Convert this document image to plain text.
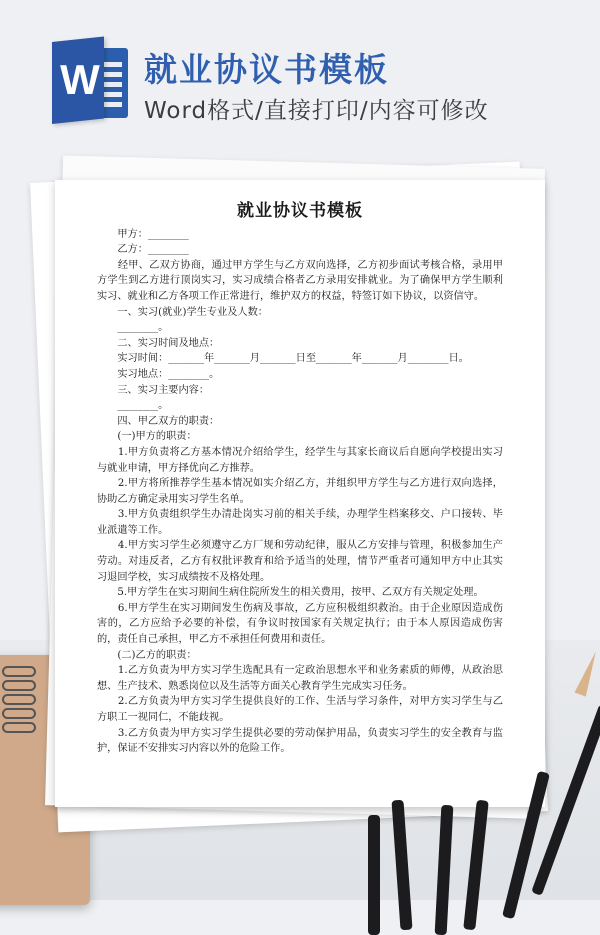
W 就业协议书模板
Word格式/直接打印/内容可修改
就业协议书模板

　　甲方：________

　　乙方：________

　　经甲、乙双方协商，通过甲方学生与乙方双向选择，乙方初步面试考核合格，录用甲方学生到乙方进行顶岗实习，实习成绩合格者乙方录用安排就业。为了确保甲方学生顺利实习、就业和乙方各项工作正常进行，维护双方的权益，特签订如下协议，以资信守。

　　一、实习(就业)学生专业及人数：

　　________。

　　二、实习时间及地点：

　　实习时间：_______年_______月_______日至_______年_______月________日。

　　实习地点：________。

　　三、实习主要内容：

　　________。

　　四、甲乙双方的职责：

　　(一)甲方的职责：

　　1.甲方负责将乙方基本情况介绍给学生，经学生与其家长商议后自愿向学校提出实习与就业申请，甲方择优向乙方推荐。

　　2.甲方将所推荐学生基本情况如实介绍乙方，并组织甲方学生与乙方进行双向选择，协助乙方确定录用实习学生名单。

　　3.甲方负责组织学生办清赴岗实习前的相关手续，办理学生档案移交、户口接转、毕业派遣等工作。

　　4.甲方实习学生必须遵守乙方厂规和劳动纪律，服从乙方安排与管理，积极参加生产劳动。对违反者，乙方有权批评教育和给予适当的处理，情节严重者可通知甲方中止其实习退回学校，实习成绩按不及格处理。

　　5.甲方学生在实习期间生病住院所发生的相关费用，按甲、乙双方有关规定处理。

　　6.甲方学生在实习期间发生伤病及事故，乙方应积极组织救治。由于企业原因造成伤害的，乙方应给予必要的补偿，有争议时按国家有关规定执行；由于本人原因造成伤害的，责任自己承担，甲乙方不承担任何费用和责任。

　　(二)乙方的职责：

　　1.乙方负责为甲方实习学生选配具有一定政治思想水平和业务素质的师傅，从政治思想、生产技术、熟悉岗位以及生活等方面关心教育学生完成实习任务。

　　2.乙方负责为甲方实习学生提供良好的工作、生活与学习条件，对甲方实习学生与乙方职工一视同仁，不能歧视。

　　3.乙方负责为甲方实习学生提供必要的劳动保护用品，负责实习学生的安全教育与监护，保证不安排实习内容以外的危险工作。
